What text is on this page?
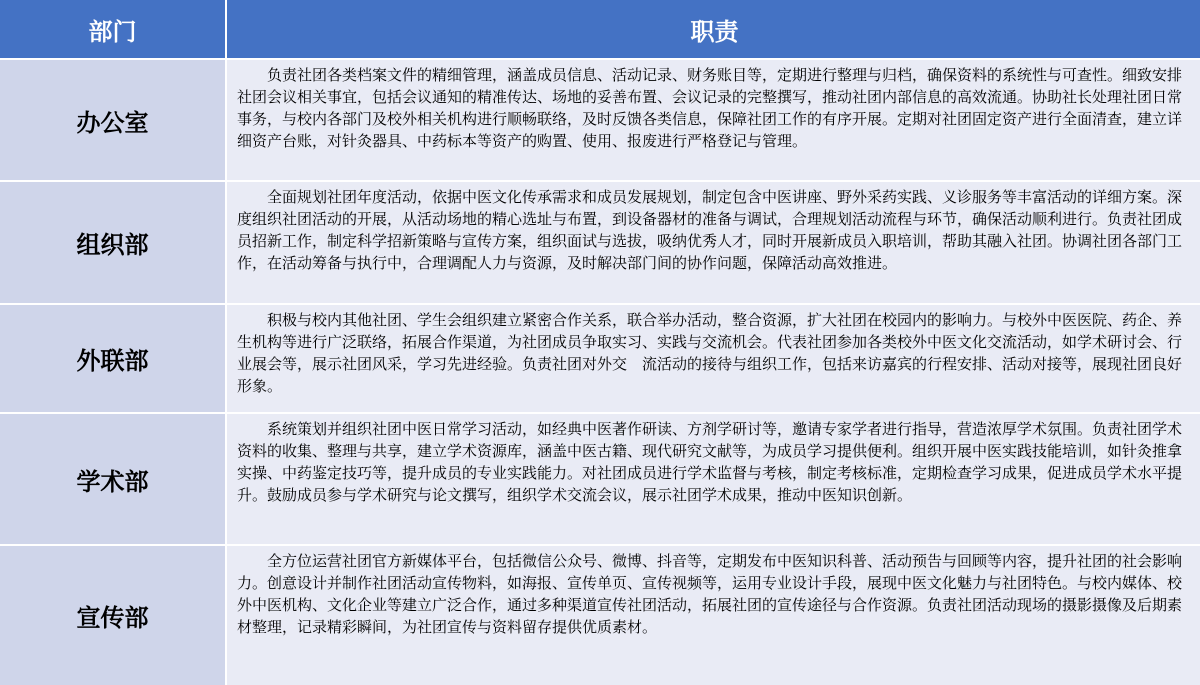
部门	职责
办公室
负责社团各类档案文件的精细管理，涵盖成员信息、活动记录、财务账目等，定期进行整理与归档，确保资料的系统性与可查性。细致安排社团会议相关事宜，包括会议通知的精准传达、场地的妥善布置、会议记录的完整撰写，推动社团内部信息的高效流通。协助社长处理社团日常事务，与校内各部门及校外相关机构进行顺畅联络，及时反馈各类信息，保障社团工作的有序开展。定期对社团固定资产进行全面清查，建立详细资产台账，对针灸器具、中药标本等资产的购置、使用、报废进行严格登记与管理。
组织部
全面规划社团年度活动，依据中医文化传承需求和成员发展规划，制定包含中医讲座、野外采药实践、义诊服务等丰富活动的详细方案。深度组织社团活动的开展，从活动场地的精心选址与布置，到设备器材的准备与调试，合理规划活动流程与环节，确保活动顺利进行。负责社团成员招新工作，制定科学招新策略与宣传方案，组织面试与选拔，吸纳优秀人才，同时开展新成员入职培训，帮助其融入社团。协调社团各部门工作，在活动筹备与执行中，合理调配人力与资源，及时解决部门间的协作问题，保障活动高效推进。
外联部
积极与校内其他社团、学生会组织建立紧密合作关系，联合举办活动，整合资源，扩大社团在校园内的影响力。与校外中医医院、药企、养生机构等进行广泛联络，拓展合作渠道，为社团成员争取实习、实践与交流机会。代表社团参加各类校外中医文化交流活动，如学术研讨会、行业展会等，展示社团风采，学习先进经验。负责社团对外交　流活动的接待与组织工作，包括来访嘉宾的行程安排、活动对接等，展现社团良好形象。
学术部
系统策划并组织社团中医日常学习活动，如经典中医著作研读、方剂学研讨等，邀请专家学者进行指导，营造浓厚学术氛围。负责社团学术资料的收集、整理与共享，建立学术资源库，涵盖中医古籍、现代研究文献等，为成员学习提供便利。组织开展中医实践技能培训，如针灸推拿实操、中药鉴定技巧等，提升成员的专业实践能力。对社团成员进行学术监督与考核，制定考核标准，定期检查学习成果，促进成员学术水平提升。鼓励成员参与学术研究与论文撰写，组织学术交流会议，展示社团学术成果，推动中医知识创新。
宣传部
全方位运营社团官方新媒体平台，包括微信公众号、微博、抖音等，定期发布中医知识科普、活动预告与回顾等内容，提升社团的社会影响力。创意设计并制作社团活动宣传物料，如海报、宣传单页、宣传视频等，运用专业设计手段，展现中医文化魅力与社团特色。与校内媒体、校外中医机构、文化企业等建立广泛合作，通过多种渠道宣传社团活动，拓展社团的宣传途径与合作资源。负责社团活动现场的摄影摄像及后期素材整理，记录精彩瞬间，为社团宣传与资料留存提供优质素材。
